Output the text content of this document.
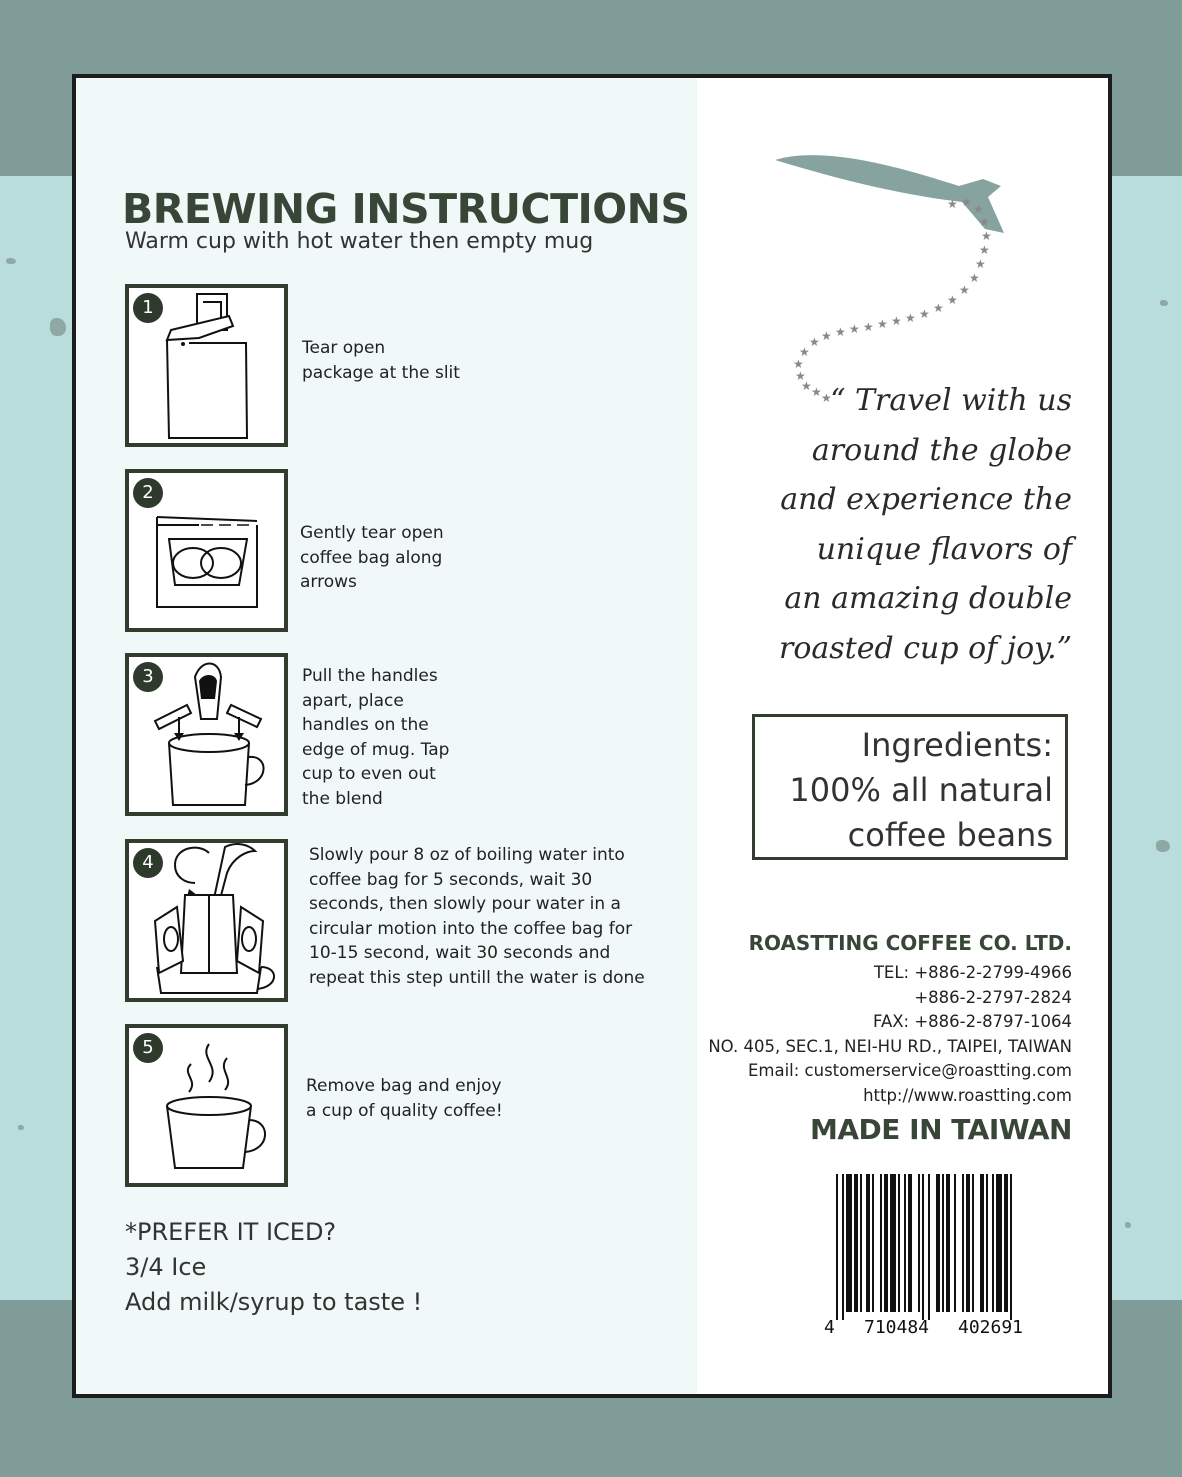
★ ★ ★
★
★
★
★
★
★
★
★
★
★
★
★
★
★
★
★
★
★
★
★
★ ★ ★
BREWING INSTRUCTIONS
Warm cup with hot water then empty mug
1
Tear open
package at the slit
2
Gently tear open
coffee bag along
arrows
3	Pull the handles
apart, place
handles on the
edge of mug. Tap
cup to even out
the blend
4	Slowly pour 8 oz of boiling water into
coffee bag for 5 seconds, wait 30
seconds, then slowly pour water in a
circular motion into the coffee bag for
10-15 second, wait 30 seconds and
repeat this step untill the water is done
5
Remove bag and enjoy
a cup of quality coffee!
*PREFER IT ICED?
3/4 Ice
Add milk/syrup to taste !
“ Travel with us
around the globe
and experience the
unique flavors of
an amazing double
roasted cup of joy.”
Ingredients:
100% all natural
coffee beans
ROASTTING COFFEE CO. LTD.
TEL: +886-2-2799-4966
+886-2-2797-2824
FAX: +886-2-8797-1064
NO. 405, SEC.1, NEI-HU RD., TAIPEI, TAIWAN
Email: customerservice@roastting.com
http://www.roastting.com
MADE IN TAIWAN
4 710484 402691
